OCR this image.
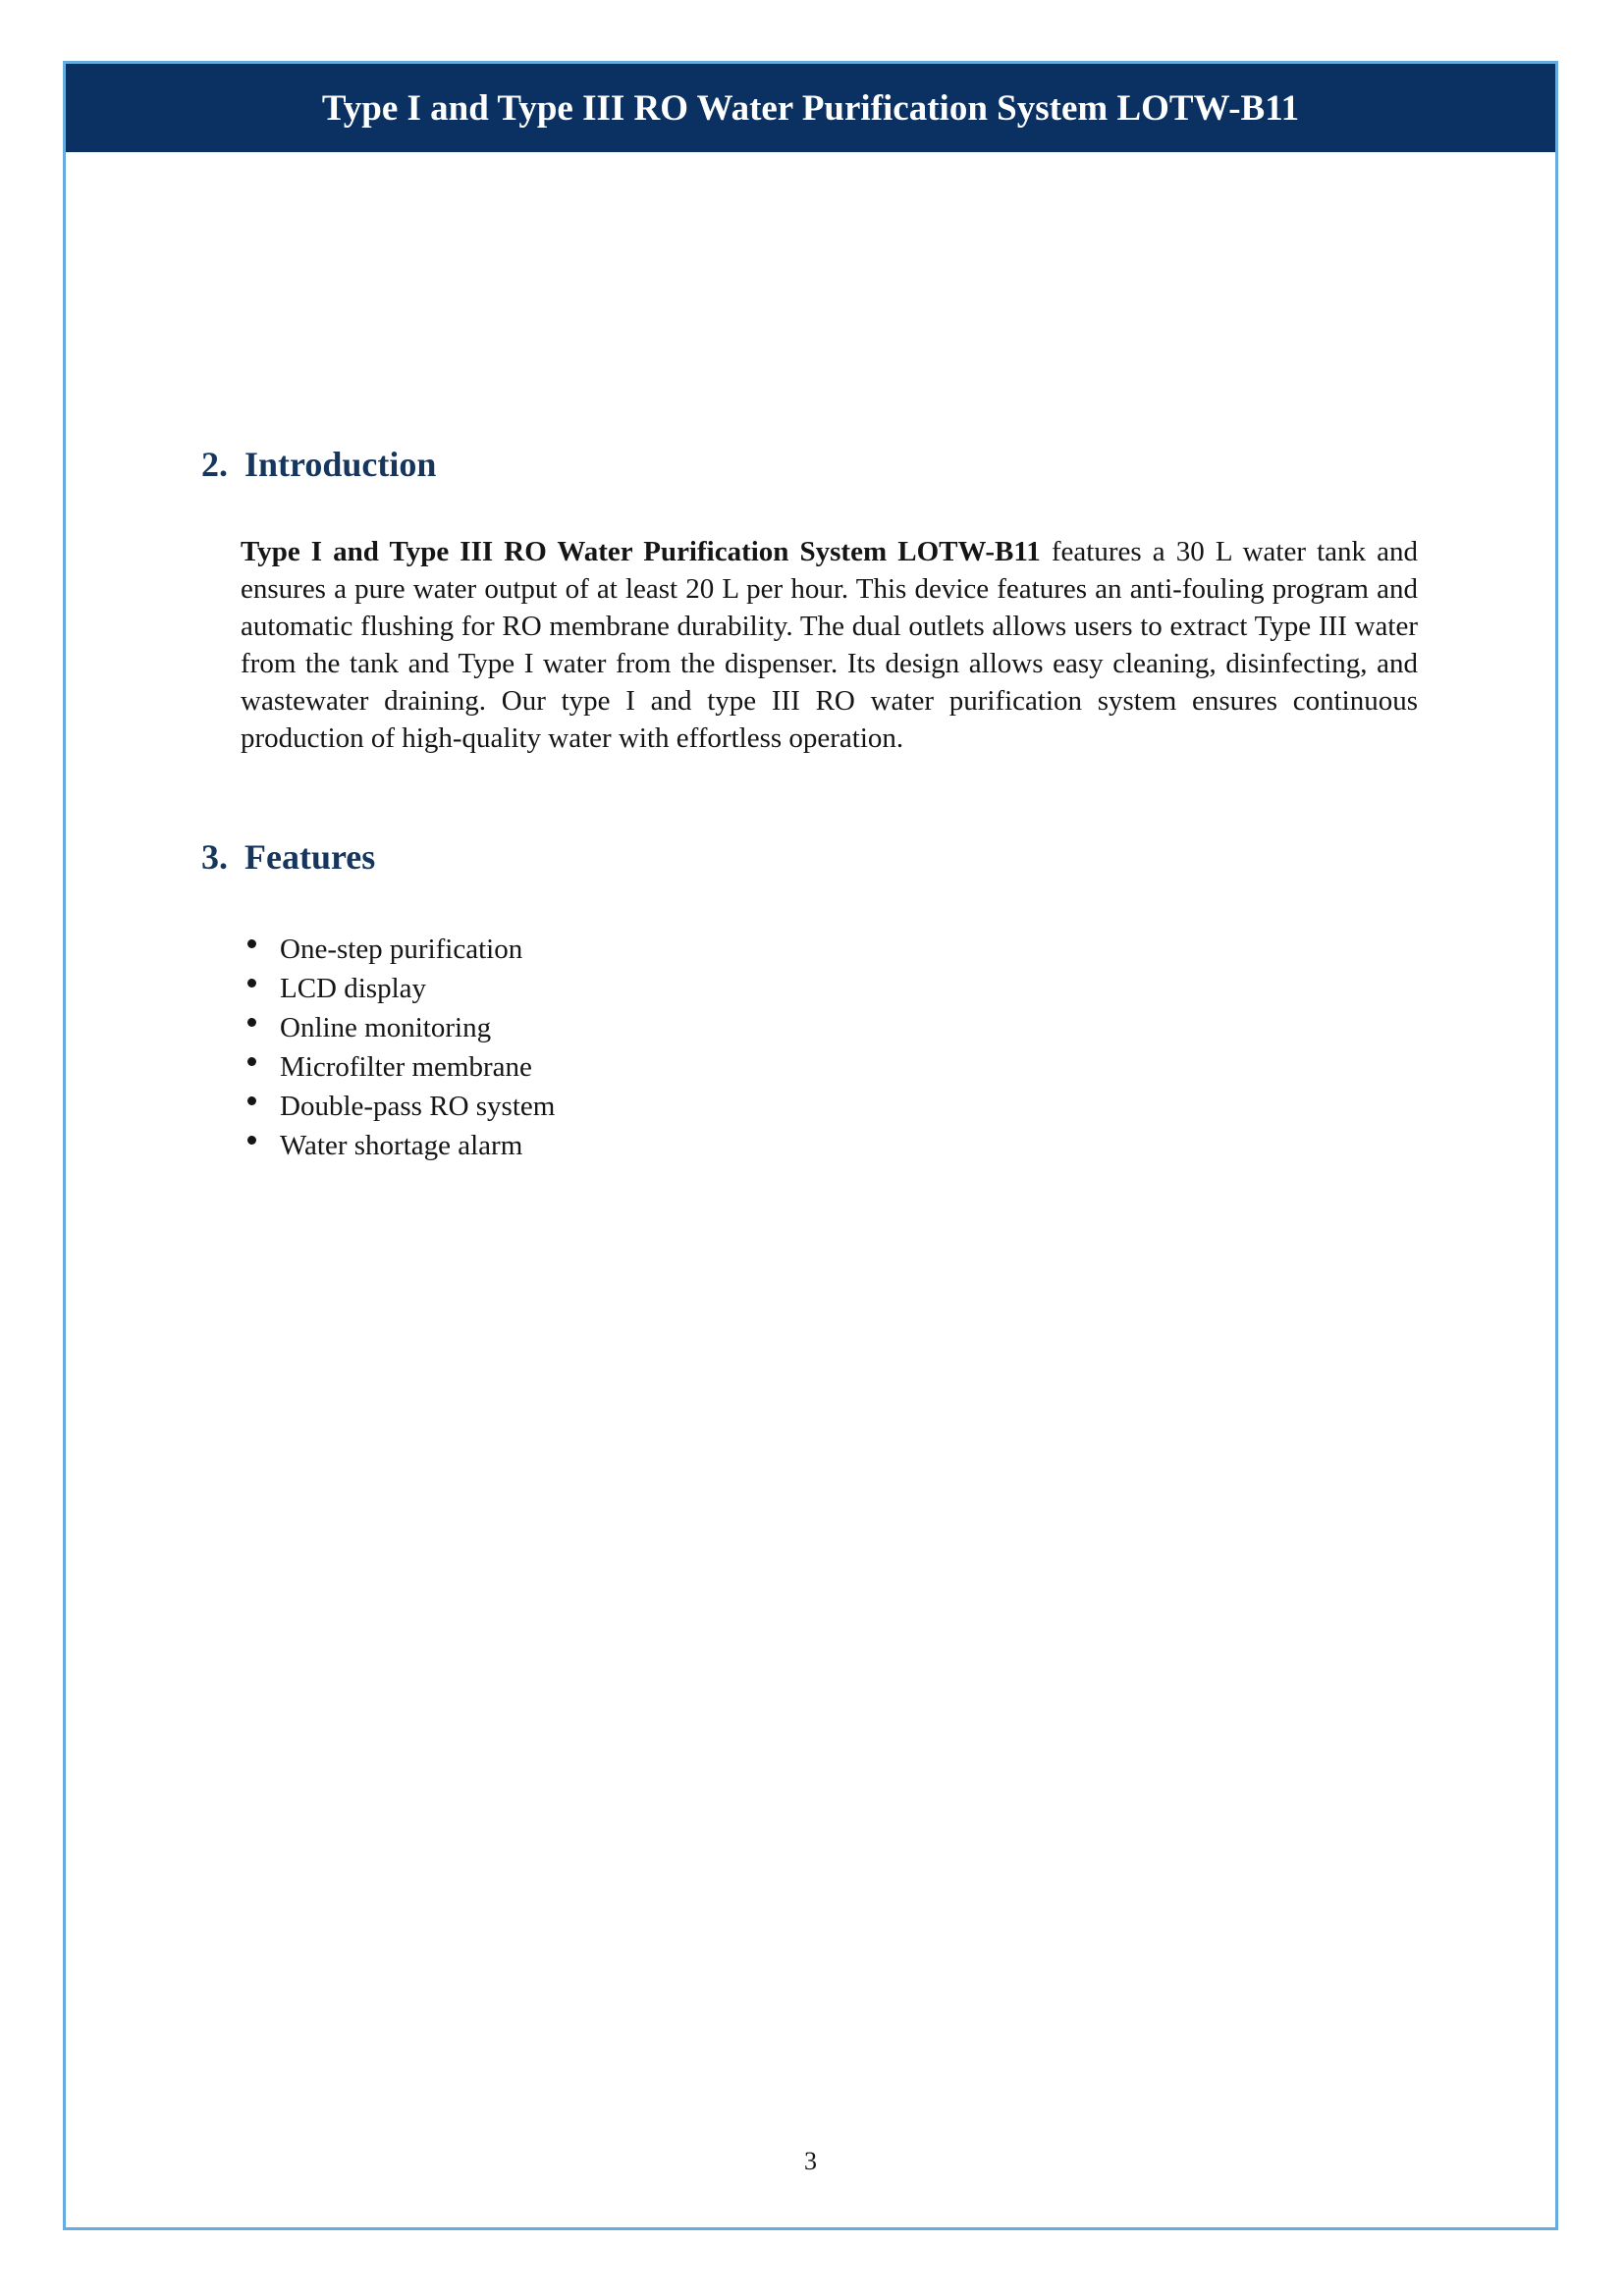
Type I and Type III RO Water Purification System LOTW-B11
2. Introduction

Type I and Type III RO Water Purification System LOTW-B11 features a 30 L water tank and ensures a pure water output of at least 20 L per hour. This device features an anti-fouling program and automatic flushing for RO membrane durability. The dual outlets allows users to extract Type III water from the tank and Type I water from the dispenser. Its design allows easy cleaning, disinfecting, and wastewater draining. Our type I and type III RO water purification system ensures continuous production of high-quality water with effortless operation.

3. Features
One-step purification
LCD display
Online monitoring
Microfilter membrane
Double-pass RO system
Water shortage alarm
3
